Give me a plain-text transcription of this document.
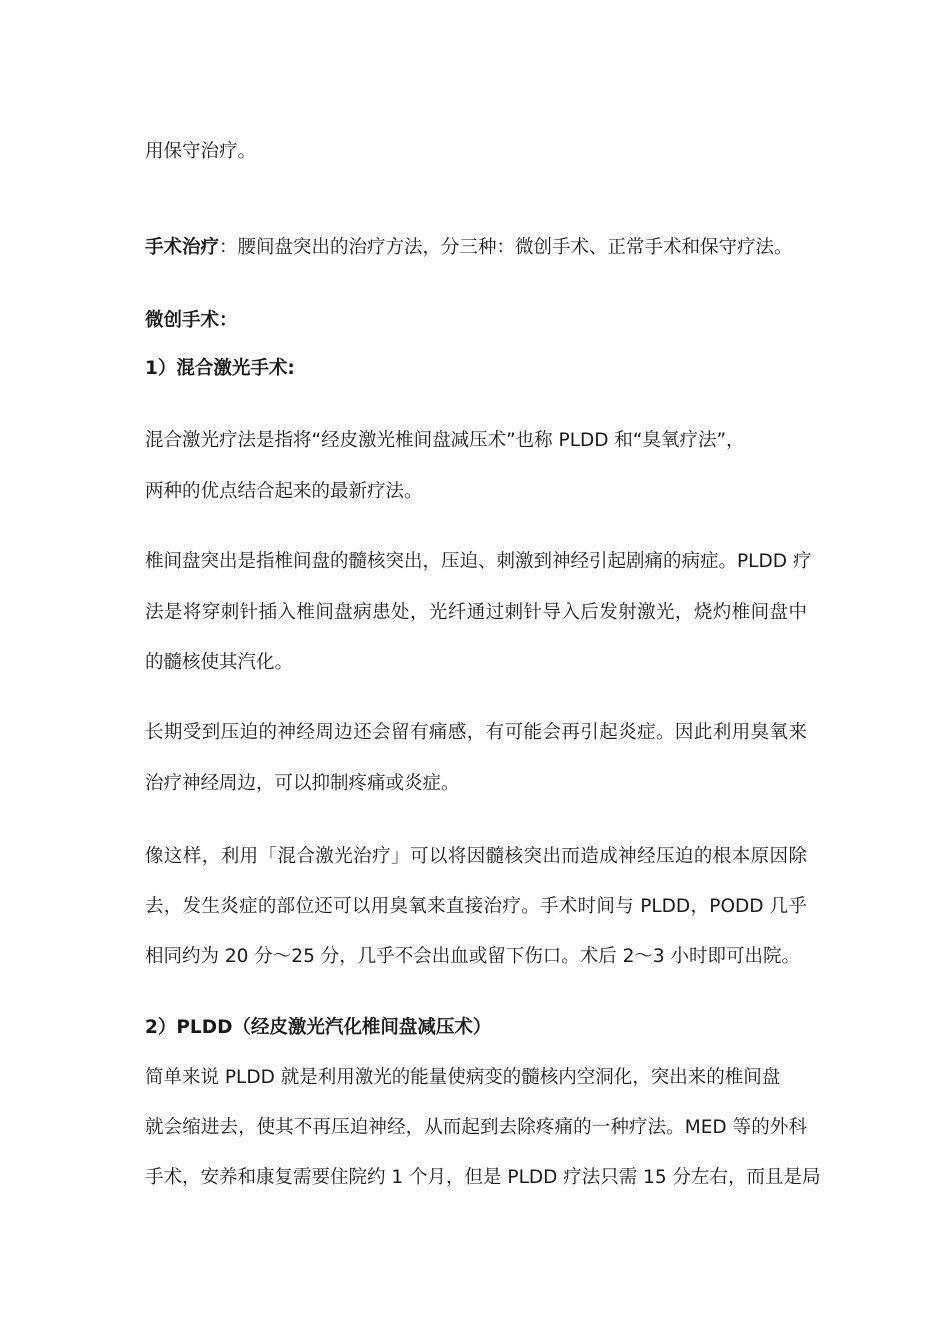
用保守治疗。

手术治疗：腰间盘突出的治疗方法，分三种：微创手术、正常手术和保守疗法。

微创手术：

1）混合激光手术:

混合激光疗法是指将“经皮激光椎间盘减压术”也称 PLDD 和“臭氧疗法”，

两种的优点结合起来的最新疗法。

椎间盘突出是指椎间盘的髓核突出，压迫、刺激到神经引起剧痛的病症。PLDD 疗

法是将穿刺针插入椎间盘病患处，光纤通过刺针导入后发射激光，烧灼椎间盘中

的髓核使其汽化。

长期受到压迫的神经周边还会留有痛感，有可能会再引起炎症。因此利用臭氧来

治疗神经周边，可以抑制疼痛或炎症。

像这样，利用「混合激光治疗」可以将因髓核突出而造成神经压迫的根本原因除

去，发生炎症的部位还可以用臭氧来直接治疗。手术时间与 PLDD，PODD 几乎

相同约为 20 分～25 分，几乎不会出血或留下伤口。术后 2～3 小时即可出院。

2）PLDD（经皮激光汽化椎间盘减压术）

简单来说 PLDD 就是利用激光的能量使病变的髓核内空洞化，突出来的椎间盘

就会缩进去，使其不再压迫神经，从而起到去除疼痛的一种疗法。MED 等的外科

手术，安养和康复需要住院约 1 个月，但是 PLDD 疗法只需 15 分左右，而且是局
